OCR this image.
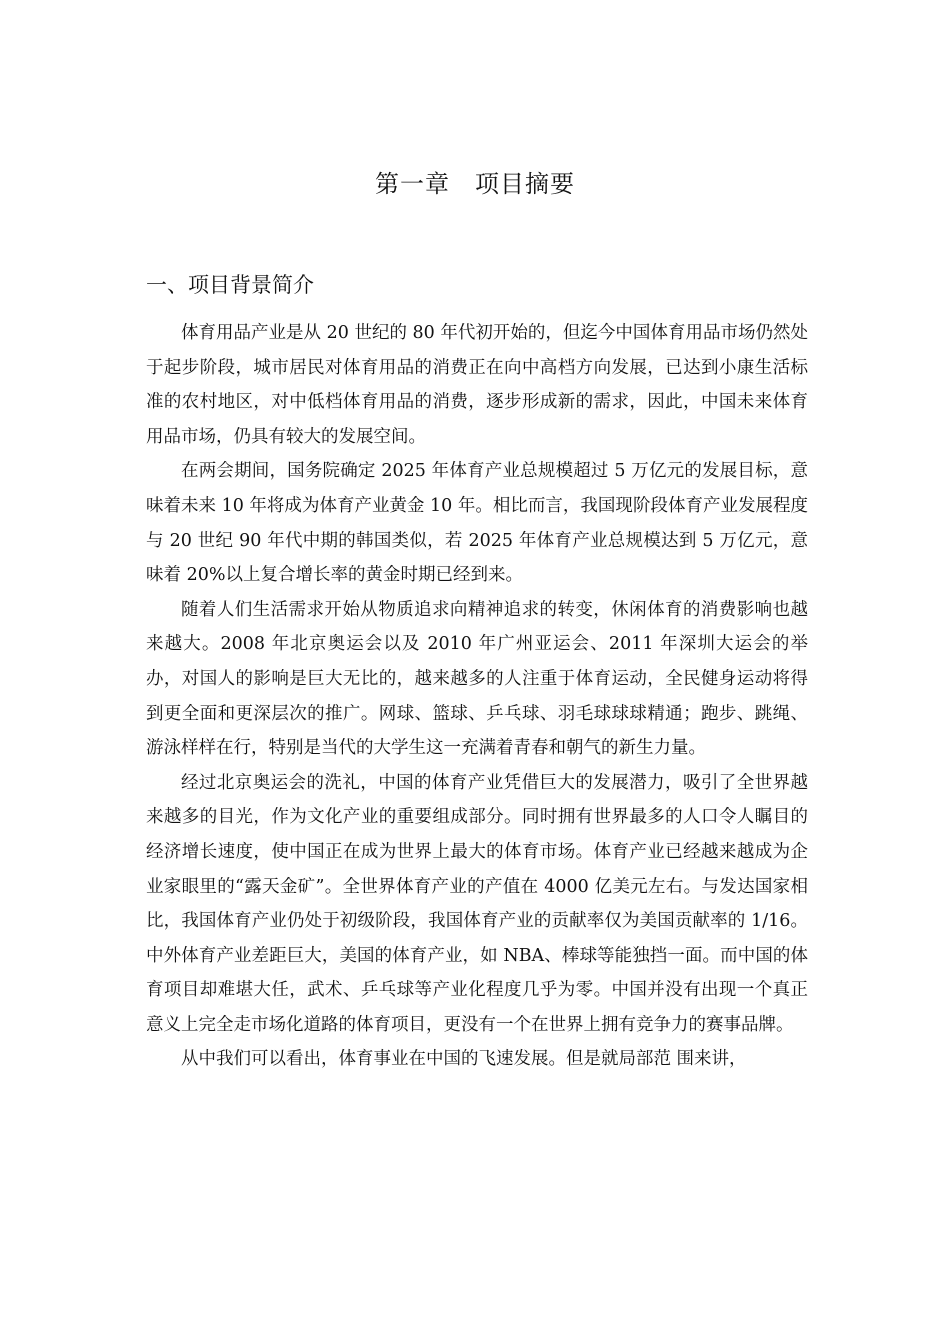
第一章　项目摘要
一、项目背景简介

体育用品产业是从 20 世纪的 80 年代初开始的，但迄今中国体育用品市场仍然处于起步阶段，城市居民对体育用品的消费正在向中高档方向发展，已达到小康生活标准的农村地区，对中低档体育用品的消费，逐步形成新的需求，因此，中国未来体育用品市场，仍具有较大的发展空间。

在两会期间，国务院确定 2025 年体育产业总规模超过 5 万亿元的发展目标，意味着未来 10 年将成为体育产业黄金 10 年。相比而言，我国现阶段体育产业发展程度与 20 世纪 90 年代中期的韩国类似，若 2025 年体育产业总规模达到 5 万亿元，意味着 20%以上复合增长率的黄金时期已经到来。

随着人们生活需求开始从物质追求向精神追求的转变，休闲体育的消费影响也越来越大。2008 年北京奥运会以及 2010 年广州亚运会、2011 年深圳大运会的举办，对国人的影响是巨大无比的，越来越多的人注重于体育运动，全民健身运动将得到更全面和更深层次的推广。网球、篮球、乒乓球、羽毛球球球精通；跑步、跳绳、游泳样样在行，特别是当代的大学生这一充满着青春和朝气的新生力量。

经过北京奥运会的洗礼，中国的体育产业凭借巨大的发展潜力，吸引了全世界越来越多的目光，作为文化产业的重要组成部分。同时拥有世界最多的人口令人瞩目的经济增长速度，使中国正在成为世界上最大的体育市场。体育产业已经越来越成为企业家眼里的“露天金矿”。全世界体育产业的产值在 4000 亿美元左右。与发达国家相比，我国体育产业仍处于初级阶段，我国体育产业的贡献率仅为美国贡献率的 1/16。中外体育产业差距巨大，美国的体育产业，如 NBA、棒球等能独挡一面。而中国的体育项目却难堪大任，武术、乒乓球等产业化程度几乎为零。中国并没有出现一个真正意义上完全走市场化道路的体育项目，更没有一个在世界上拥有竞争力的赛事品牌。

从中我们可以看出，体育事业在中国的飞速发展。但是就局部范 围来讲，
